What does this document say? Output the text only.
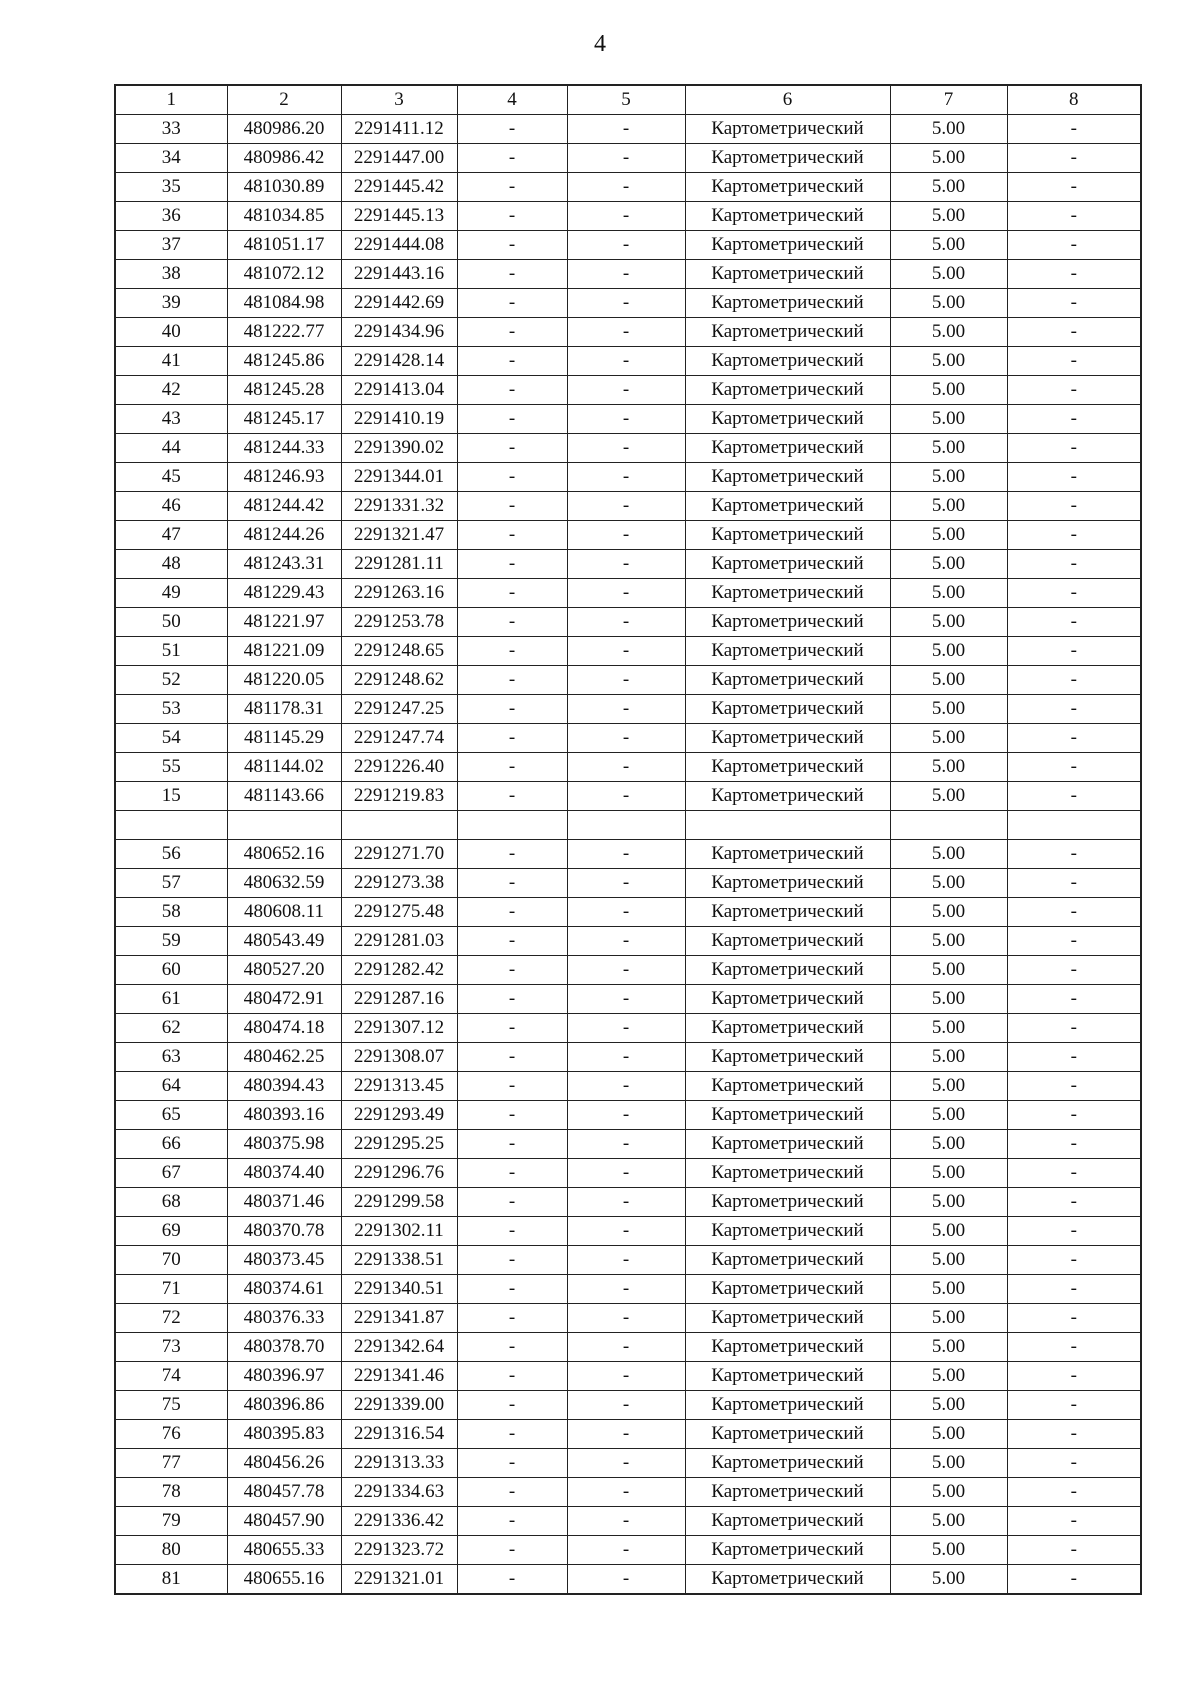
4
1	2	3	4	5	6	7	8
33	480986.20	2291411.12	-	-	Картометрический	5.00	-
34	480986.42	2291447.00	-	-	Картометрический	5.00	-
35	481030.89	2291445.42	-	-	Картометрический	5.00	-
36	481034.85	2291445.13	-	-	Картометрический	5.00	-
37	481051.17	2291444.08	-	-	Картометрический	5.00	-
38	481072.12	2291443.16	-	-	Картометрический	5.00	-
39	481084.98	2291442.69	-	-	Картометрический	5.00	-
40	481222.77	2291434.96	-	-	Картометрический	5.00	-
41	481245.86	2291428.14	-	-	Картометрический	5.00	-
42	481245.28	2291413.04	-	-	Картометрический	5.00	-
43	481245.17	2291410.19	-	-	Картометрический	5.00	-
44	481244.33	2291390.02	-	-	Картометрический	5.00	-
45	481246.93	2291344.01	-	-	Картометрический	5.00	-
46	481244.42	2291331.32	-	-	Картометрический	5.00	-
47	481244.26	2291321.47	-	-	Картометрический	5.00	-
48	481243.31	2291281.11	-	-	Картометрический	5.00	-
49	481229.43	2291263.16	-	-	Картометрический	5.00	-
50	481221.97	2291253.78	-	-	Картометрический	5.00	-
51	481221.09	2291248.65	-	-	Картометрический	5.00	-
52	481220.05	2291248.62	-	-	Картометрический	5.00	-
53	481178.31	2291247.25	-	-	Картометрический	5.00	-
54	481145.29	2291247.74	-	-	Картометрический	5.00	-
55	481144.02	2291226.40	-	-	Картометрический	5.00	-
15	481143.66	2291219.83	-	-	Картометрический	5.00	-

56	480652.16	2291271.70	-	-	Картометрический	5.00	-
57	480632.59	2291273.38	-	-	Картометрический	5.00	-
58	480608.11	2291275.48	-	-	Картометрический	5.00	-
59	480543.49	2291281.03	-	-	Картометрический	5.00	-
60	480527.20	2291282.42	-	-	Картометрический	5.00	-
61	480472.91	2291287.16	-	-	Картометрический	5.00	-
62	480474.18	2291307.12	-	-	Картометрический	5.00	-
63	480462.25	2291308.07	-	-	Картометрический	5.00	-
64	480394.43	2291313.45	-	-	Картометрический	5.00	-
65	480393.16	2291293.49	-	-	Картометрический	5.00	-
66	480375.98	2291295.25	-	-	Картометрический	5.00	-
67	480374.40	2291296.76	-	-	Картометрический	5.00	-
68	480371.46	2291299.58	-	-	Картометрический	5.00	-
69	480370.78	2291302.11	-	-	Картометрический	5.00	-
70	480373.45	2291338.51	-	-	Картометрический	5.00	-
71	480374.61	2291340.51	-	-	Картометрический	5.00	-
72	480376.33	2291341.87	-	-	Картометрический	5.00	-
73	480378.70	2291342.64	-	-	Картометрический	5.00	-
74	480396.97	2291341.46	-	-	Картометрический	5.00	-
75	480396.86	2291339.00	-	-	Картометрический	5.00	-
76	480395.83	2291316.54	-	-	Картометрический	5.00	-
77	480456.26	2291313.33	-	-	Картометрический	5.00	-
78	480457.78	2291334.63	-	-	Картометрический	5.00	-
79	480457.90	2291336.42	-	-	Картометрический	5.00	-
80	480655.33	2291323.72	-	-	Картометрический	5.00	-
81	480655.16	2291321.01	-	-	Картометрический	5.00	-
